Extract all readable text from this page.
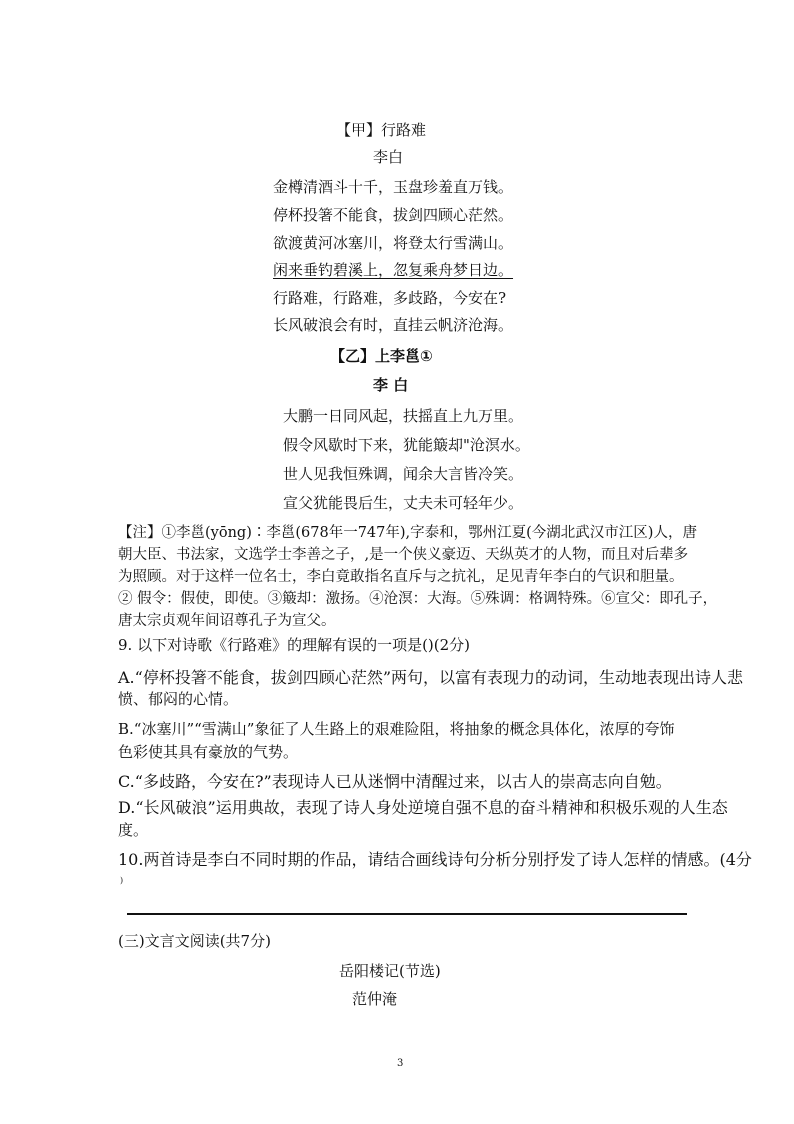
【甲】行路难
李白
金樽清酒斗十千，玉盘珍羞直万钱。
停杯投箸不能食，拔剑四顾心茫然。
欲渡黄河冰塞川，将登太行雪满山。
闲来垂钓碧溪上，忽复乘舟梦日边。
行路难，行路难，多歧路，今安在?
长风破浪会有时，直挂云帆济沧海。
【乙】上李邕①
李 白
大鹏一日同风起，扶摇直上九万里。
假令风歇时下来，犹能簸却"沧溟水。
世人见我恒殊调，闻余大言皆冷笑。
宣父犹能畏后生，丈夫未可轻年少。
【注】①李邕(yōng)∶李邕(678年一747年),字泰和，鄂州江夏(今湖北武汉市江区)人，唐
朝大臣、书法家，文选学士李善之子，,是一个侠义豪迈、天纵英才的人物，而且对后辈多
为照顾。对于这样一位名士，李白竟敢指名直斥与之抗礼，足见青年李白的气识和胆量。
② 假令：假使，即使。③簸却：激扬。④沧溟：大海。⑤殊调：格调特殊。⑥宣父：即孔子，
唐太宗贞观年间诏尊孔子为宣父。
9. 以下对诗歌《行路难》的理解有误的一项是()(2分)
A.“停杯投箸不能食，拔剑四顾心茫然”两句，以富有表现力的动词，生动地表现出诗人悲
愤、郁闷的心情。
B.“冰塞川”“雪满山”象征了人生路上的艰难险阻，将抽象的概念具体化，浓厚的夸饰
色彩使其具有豪放的气势。
C.“多歧路，今安在?”表现诗人已从迷惘中清醒过来，以古人的崇高志向自勉。
D.“长风破浪”运用典故，表现了诗人身处逆境自强不息的奋斗精神和积极乐观的人生态
度。
10.两首诗是李白不同时期的作品，请结合画线诗句分析分别抒发了诗人怎样的情感。(4分
)
(三)文言文阅读(共7分)
岳阳楼记(节选)
范仲淹
3
